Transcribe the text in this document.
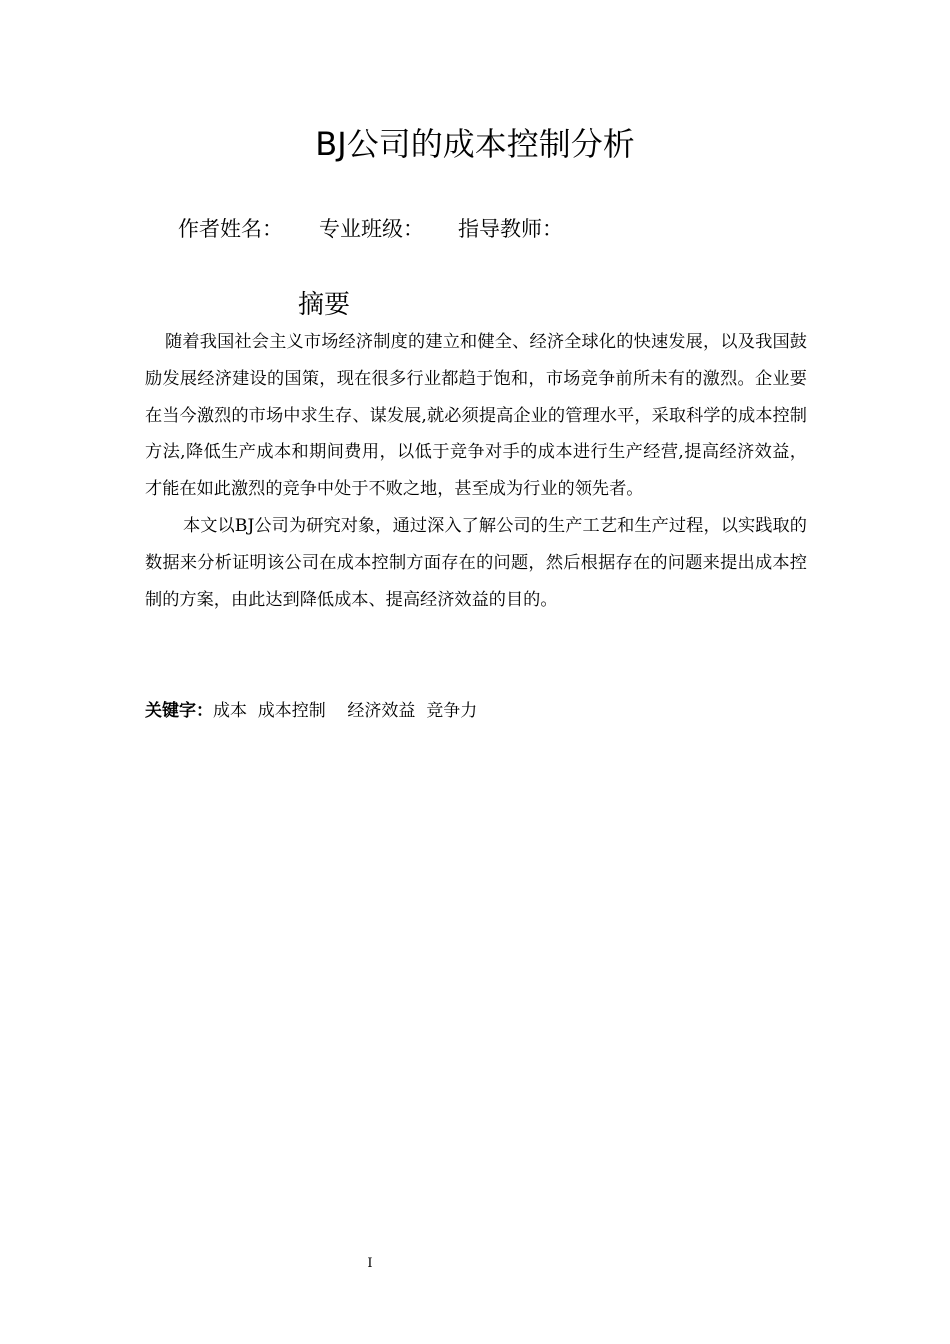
BJ公司的成本控制分析
作者姓名： 专业班级： 指导教师：
摘要

随着我国社会主义市场经济制度的建立和健全、经济全球化的快速发展，以及我国鼓励发展经济建设的国策，现在很多行业都趋于饱和，市场竞争前所未有的激烈。企业要在当今激烈的市场中求生存、谋发展,就必须提高企业的管理水平，采取科学的成本控制方法,降低生产成本和期间费用，以低于竞争对手的成本进行生产经营,提高经济效益，才能在如此激烈的竞争中处于不败之地，甚至成为行业的领先者。

本文以BJ公司为研究对象，通过深入了解公司的生产工艺和生产过程，以实践取的数据来分析证明该公司在成本控制方面存在的问题，然后根据存在的问题来提出成本控制的方案，由此达到降低成本、提高经济效益的目的。

关键字：成本  成本控制    经济效益  竞争力
I
